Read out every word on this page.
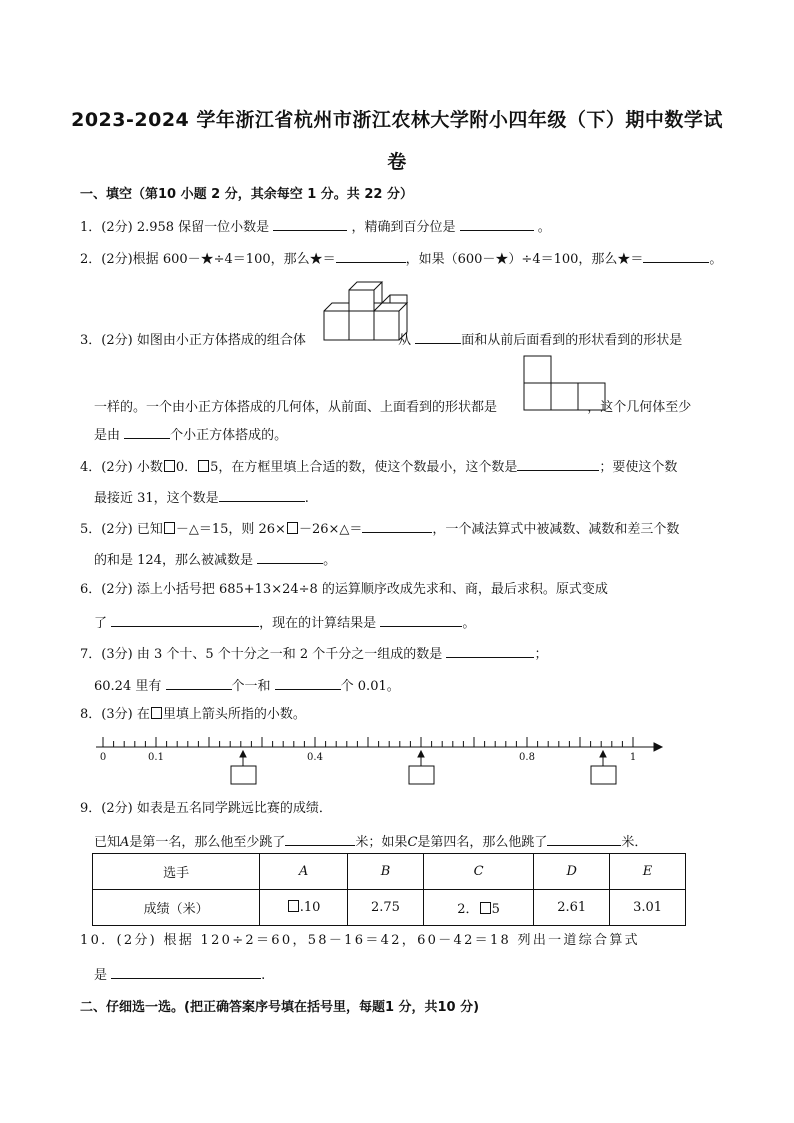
2023-2024 学年浙江省杭州市浙江农林大学附小四年级（下）期中数学试
卷
一、填空（第10 小题 2 分，其余每空 1 分。共 22 分）
1．(2分) 2.958 保留一位小数是	，精确到百分位是	。
2．(2分)根据 600－★÷4＝100，那么★＝	，如果（600－★）÷4＝100，那么★＝	。
3．(2分) 如图由小正方体搭成的组合体	从	面和从前后面看到的形状看到的形状是
一样的。一个由小正方体搭成的几何体，从前面、上面看到的形状都是	，这个几何体至少
是由	个小正方体搭成的。
4．(2分) 小数 0． 5，在方框里填上合适的数，使这个数最小，这个数是	；要使这个数
最接近 31，这个数是	.
5．(2分) 已知 －△＝15，则 26× －26×△＝	，一个减法算式中被减数、减数和差三个数
的和是 124，那么被减数是	。
6．(2分) 添上小括号把 685+13×24÷8 的运算顺序改成先求和、商，最后求积。原式变成
了	，现在的计算结果是	。
7．(3分) 由 3 个十、5 个十分之一和 2 个千分之一组成的数是	；
60.24 里有	个一和	个 0.01。
8．(3分) 在 里填上箭头所指的小数。
0	0.1	0.4	0.8	1
9．(2分) 如表是五名同学跳远比赛的成绩．
已知A是第一名，那么他至少跳了	米；如果C是第四名，那么他跳了	米．
选手	A	B	C	D	E
成绩（米）	.10	2.75	2． 5	2.61	3.01
10．(2分) 根据 120÷2＝60，58－16＝42，60－42＝18 列出一道综合算式
是	.
二、仔细选一选。(把正确答案序号填在括号里，每题1 分，共10 分)
